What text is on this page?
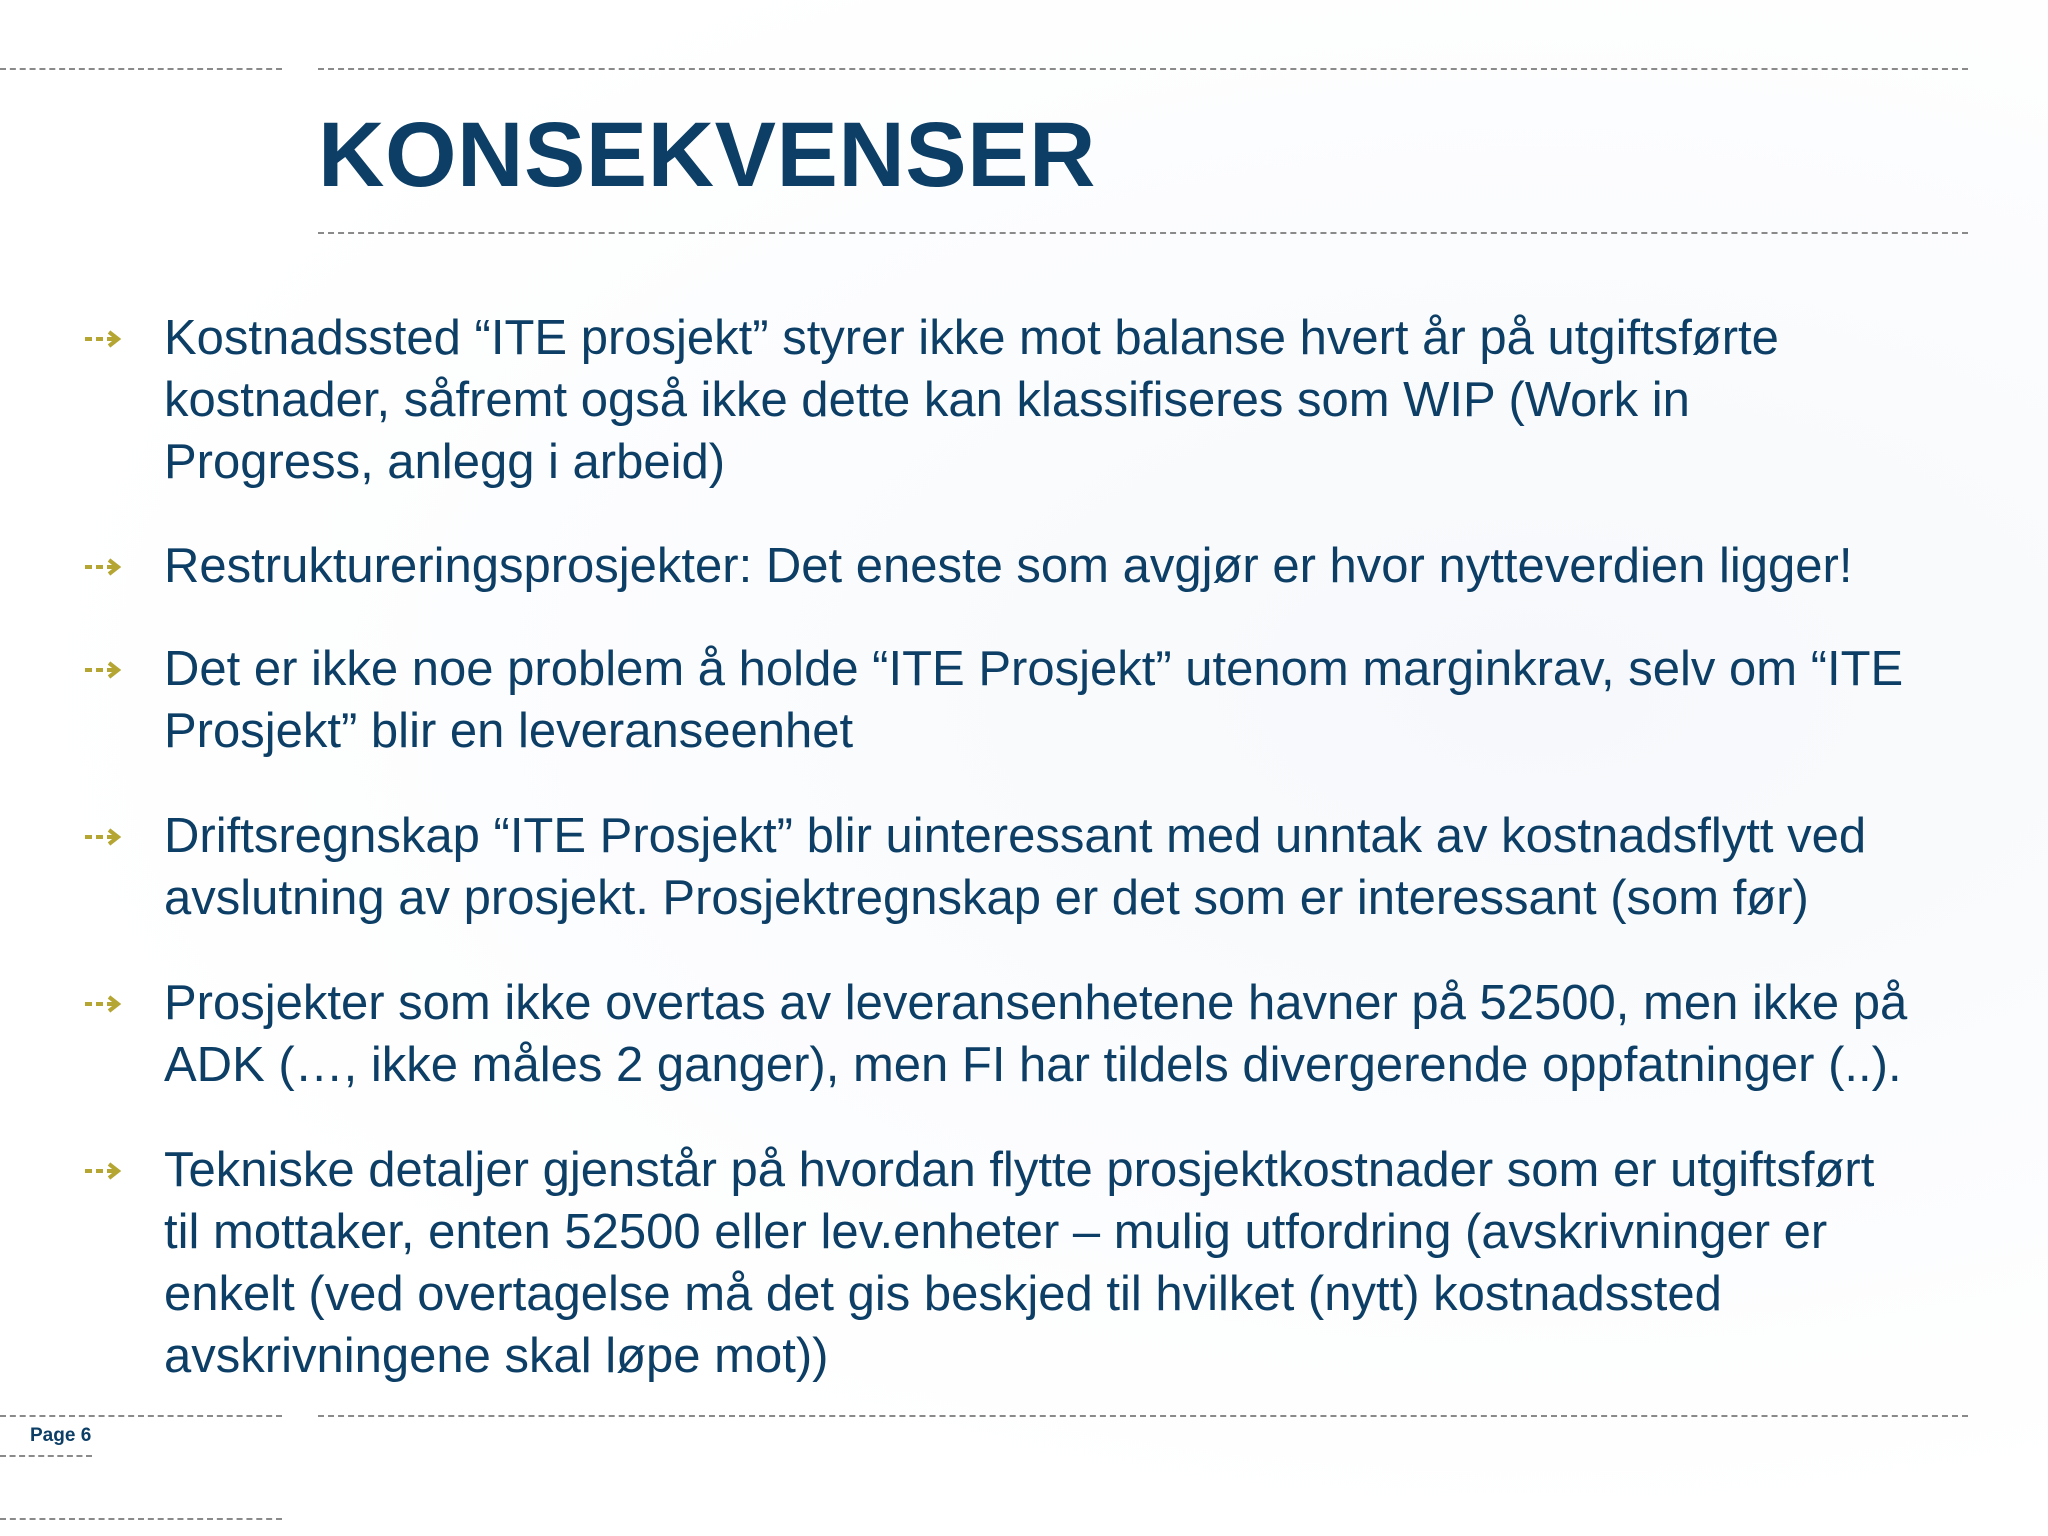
KONSEKVENSER
Kostnadssted “ITE prosjekt” styrer ikke mot balanse hvert år på utgiftsførte
kostnader, såfremt også ikke dette kan klassifiseres som WIP (Work in
Progress, anlegg i arbeid)
Restruktureringsprosjekter: Det eneste som avgjør er hvor nytteverdien ligger!
Det er ikke noe problem å holde “ITE Prosjekt” utenom marginkrav, selv om “ITE
Prosjekt” blir en leveranseenhet
Driftsregnskap “ITE Prosjekt” blir uinteressant med unntak av kostnadsflytt ved
avslutning av prosjekt. Prosjektregnskap er det som er interessant (som før)
Prosjekter som ikke overtas av leveransenhetene havner på 52500, men ikke på
ADK (…, ikke måles 2 ganger), men FI har tildels divergerende oppfatninger (..).
Tekniske detaljer gjenstår på hvordan flytte prosjektkostnader som er utgiftsført
til mottaker, enten 52500 eller lev.enheter – mulig utfordring (avskrivninger er
enkelt (ved overtagelse må det gis beskjed til hvilket (nytt) kostnadssted
avskrivningene skal løpe mot))
Page 6
